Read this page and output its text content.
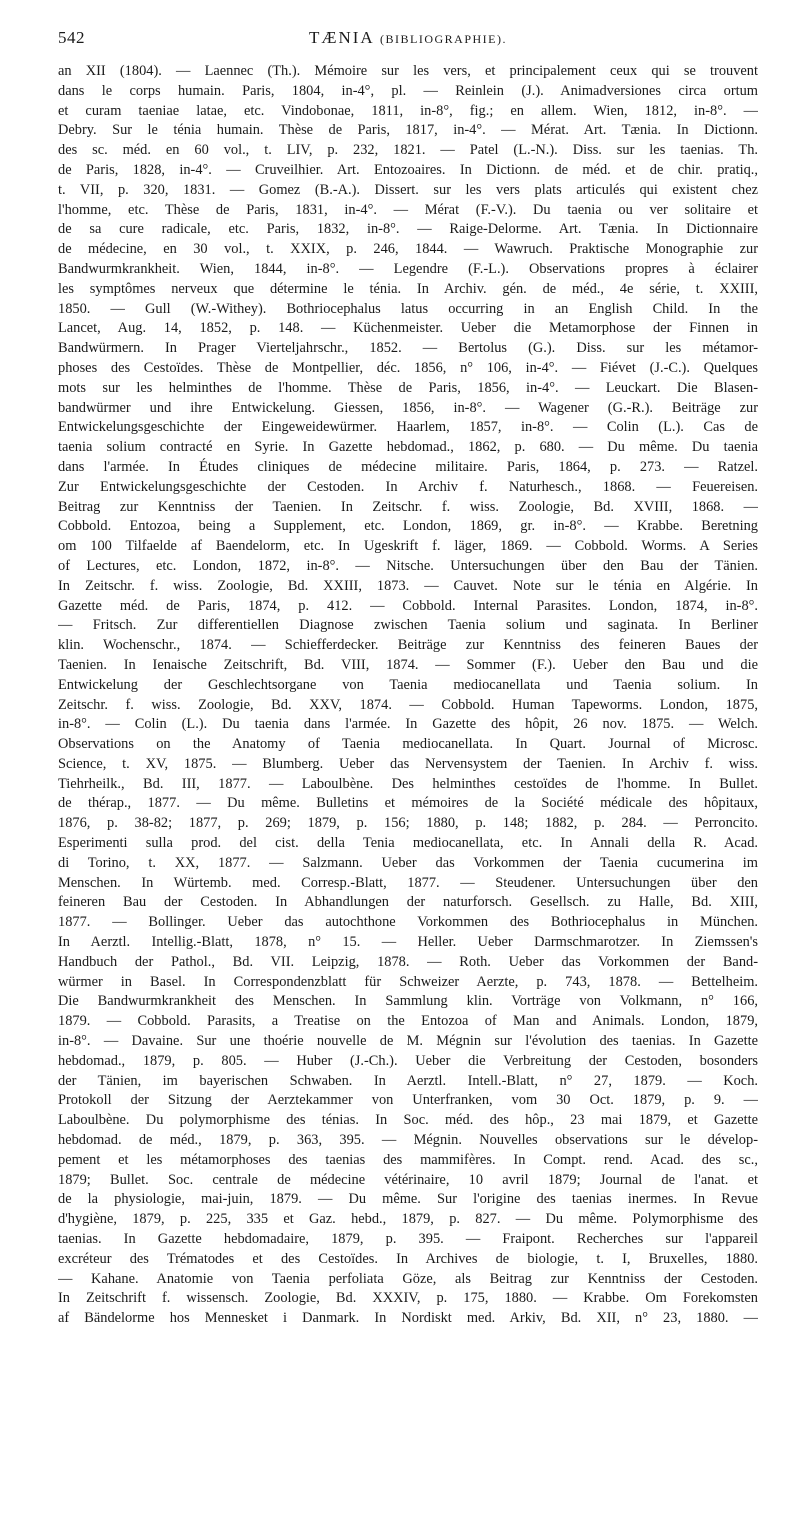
542	TÆNIA (BIBLIOGRAPHIE).
an XII (1804). — Laennec (Th.). Mémoire sur les vers, et principalement ceux qui se trouvent
dans le corps humain. Paris, 1804, in-4°, pl. — Reinlein (J.). Animadversiones circa ortum
et curam taeniae latae, etc. Vindobonae, 1811, in-8°, fig.; en allem. Wien, 1812, in-8°. —
Debry. Sur le ténia humain. Thèse de Paris, 1817, in-4°. — Mérat. Art. Tænia. In Dictionn.
des sc. méd. en 60 vol., t. LIV, p. 232, 1821. — Patel (L.-N.). Diss. sur les taenias. Th.
de Paris, 1828, in-4°. — Cruveilhier. Art. Entozoaires. In Dictionn. de méd. et de chir. pratiq.,
t. VII, p. 320, 1831. — Gomez (B.-A.). Dissert. sur les vers plats articulés qui existent chez
l'homme, etc. Thèse de Paris, 1831, in-4°. — Mérat (F.-V.). Du taenia ou ver solitaire et
de sa cure radicale, etc. Paris, 1832, in-8°. — Raige-Delorme. Art. Tænia. In Dictionnaire
de médecine, en 30 vol., t. XXIX, p. 246, 1844. — Wawruch. Praktische Monographie zur
Bandwurmkrankheit. Wien, 1844, in-8°. — Legendre (F.-L.). Observations propres à éclairer
les symptômes nerveux que détermine le ténia. In Archiv. gén. de méd., 4e série, t. XXIII,
1850. — Gull (W.-Withey). Bothriocephalus latus occurring in an English Child. In the
Lancet, Aug. 14, 1852, p. 148. — Küchenmeister. Ueber die Metamorphose der Finnen in
Bandwürmern. In Prager Vierteljahrschr., 1852. — Bertolus (G.). Diss. sur les métamor-
phoses des Cestoïdes. Thèse de Montpellier, déc. 1856, n° 106, in-4°. — Fiévet (J.-C.). Quelques
mots sur les helminthes de l'homme. Thèse de Paris, 1856, in-4°. — Leuckart. Die Blasen-
bandwürmer und ihre Entwickelung. Giessen, 1856, in-8°. — Wagener (G.-R.). Beiträge zur
Entwickelungsgeschichte der Eingeweidewürmer. Haarlem, 1857, in-8°. — Colin (L.). Cas de
taenia solium contracté en Syrie. In Gazette hebdomad., 1862, p. 680. — Du même. Du taenia
dans l'armée. In Études cliniques de médecine militaire. Paris, 1864, p. 273. — Ratzel.
Zur Entwickelungsgeschichte der Cestoden. In Archiv f. Naturhesch., 1868. — Feuereisen.
Beitrag zur Kenntniss der Taenien. In Zeitschr. f. wiss. Zoologie, Bd. XVIII, 1868. —
Cobbold. Entozoa, being a Supplement, etc. London, 1869, gr. in-8°. — Krabbe. Beretning
om 100 Tilfaelde af Baendelorm, etc. In Ugeskrift f. läger, 1869. — Cobbold. Worms. A Series
of Lectures, etc. London, 1872, in-8°. — Nitsche. Untersuchungen über den Bau der Tänien.
In Zeitschr. f. wiss. Zoologie, Bd. XXIII, 1873. — Cauvet. Note sur le ténia en Algérie. In
Gazette méd. de Paris, 1874, p. 412. — Cobbold. Internal Parasites. London, 1874, in-8°.
— Fritsch. Zur differentiellen Diagnose zwischen Taenia solium und saginata. In Berliner
klin. Wochenschr., 1874. — Schiefferdecker. Beiträge zur Kenntniss des feineren Baues der
Taenien. In Ienaische Zeitschrift, Bd. VIII, 1874. — Sommer (F.). Ueber den Bau und die
Entwickelung der Geschlechtsorgane von Taenia mediocanellata und Taenia solium. In
Zeitschr. f. wiss. Zoologie, Bd. XXV, 1874. — Cobbold. Human Tapeworms. London, 1875,
in-8°. — Colin (L.). Du taenia dans l'armée. In Gazette des hôpit, 26 nov. 1875. — Welch.
Observations on the Anatomy of Taenia mediocanellata. In Quart. Journal of Microsc.
Science, t. XV, 1875. — Blumberg. Ueber das Nervensystem der Taenien. In Archiv f. wiss.
Tiehrheilk., Bd. III, 1877. — Laboulbène. Des helminthes cestoïdes de l'homme. In Bullet.
de thérap., 1877. — Du même. Bulletins et mémoires de la Société médicale des hôpitaux,
1876, p. 38-82; 1877, p. 269; 1879, p. 156; 1880, p. 148; 1882, p. 284. — Perroncito.
Esperimenti sulla prod. del cist. della Tenia mediocanellata, etc. In Annali della R. Acad.
di Torino, t. XX, 1877. — Salzmann. Ueber das Vorkommen der Taenia cucumerina im
Menschen. In Würtemb. med. Corresp.-Blatt, 1877. — Steudener. Untersuchungen über den
feineren Bau der Cestoden. In Abhandlungen der naturforsch. Gesellsch. zu Halle, Bd. XIII,
1877. — Bollinger. Ueber das autochthone Vorkommen des Bothriocephalus in München.
In Aerztl. Intellig.-Blatt, 1878, n° 15. — Heller. Ueber Darmschmarotzer. In Ziemssen's
Handbuch der Pathol., Bd. VII. Leipzig, 1878. — Roth. Ueber das Vorkommen der Band-
würmer in Basel. In Correspondenzblatt für Schweizer Aerzte, p. 743, 1878. — Bettelheim.
Die Bandwurmkrankheit des Menschen. In Sammlung klin. Vorträge von Volkmann, n° 166,
1879. — Cobbold. Parasits, a Treatise on the Entozoa of Man and Animals. London, 1879,
in-8°. — Davaine. Sur une thoérie nouvelle de M. Mégnin sur l'évolution des taenias. In Gazette
hebdomad., 1879, p. 805. — Huber (J.-Ch.). Ueber die Verbreitung der Cestoden, bosonders
der Tänien, im bayerischen Schwaben. In Aerztl. Intell.-Blatt, n° 27, 1879. — Koch.
Protokoll der Sitzung der Aerztekammer von Unterfranken, vom 30 Oct. 1879, p. 9. —
Laboulbène. Du polymorphisme des ténias. In Soc. méd. des hôp., 23 mai 1879, et Gazette
hebdomad. de méd., 1879, p. 363, 395. — Mégnin. Nouvelles observations sur le dévelop-
pement et les métamorphoses des taenias des mammifères. In Compt. rend. Acad. des sc.,
1879; Bullet. Soc. centrale de médecine vétérinaire, 10 avril 1879; Journal de l'anat. et
de la physiologie, mai-juin, 1879. — Du même. Sur l'origine des taenias inermes. In Revue
d'hygiène, 1879, p. 225, 335 et Gaz. hebd., 1879, p. 827. — Du même. Polymorphisme des
taenias. In Gazette hebdomadaire, 1879, p. 395. — Fraipont. Recherches sur l'appareil
excréteur des Trématodes et des Cestoïdes. In Archives de biologie, t. I, Bruxelles, 1880.
— Kahane. Anatomie von Taenia perfoliata Göze, als Beitrag zur Kenntniss der Cestoden.
In Zeitschrift f. wissensch. Zoologie, Bd. XXXIV, p. 175, 1880. — Krabbe. Om Forekomsten
af Bändelorme hos Mennesket i Danmark. In Nordiskt med. Arkiv, Bd. XII, n° 23, 1880. —
